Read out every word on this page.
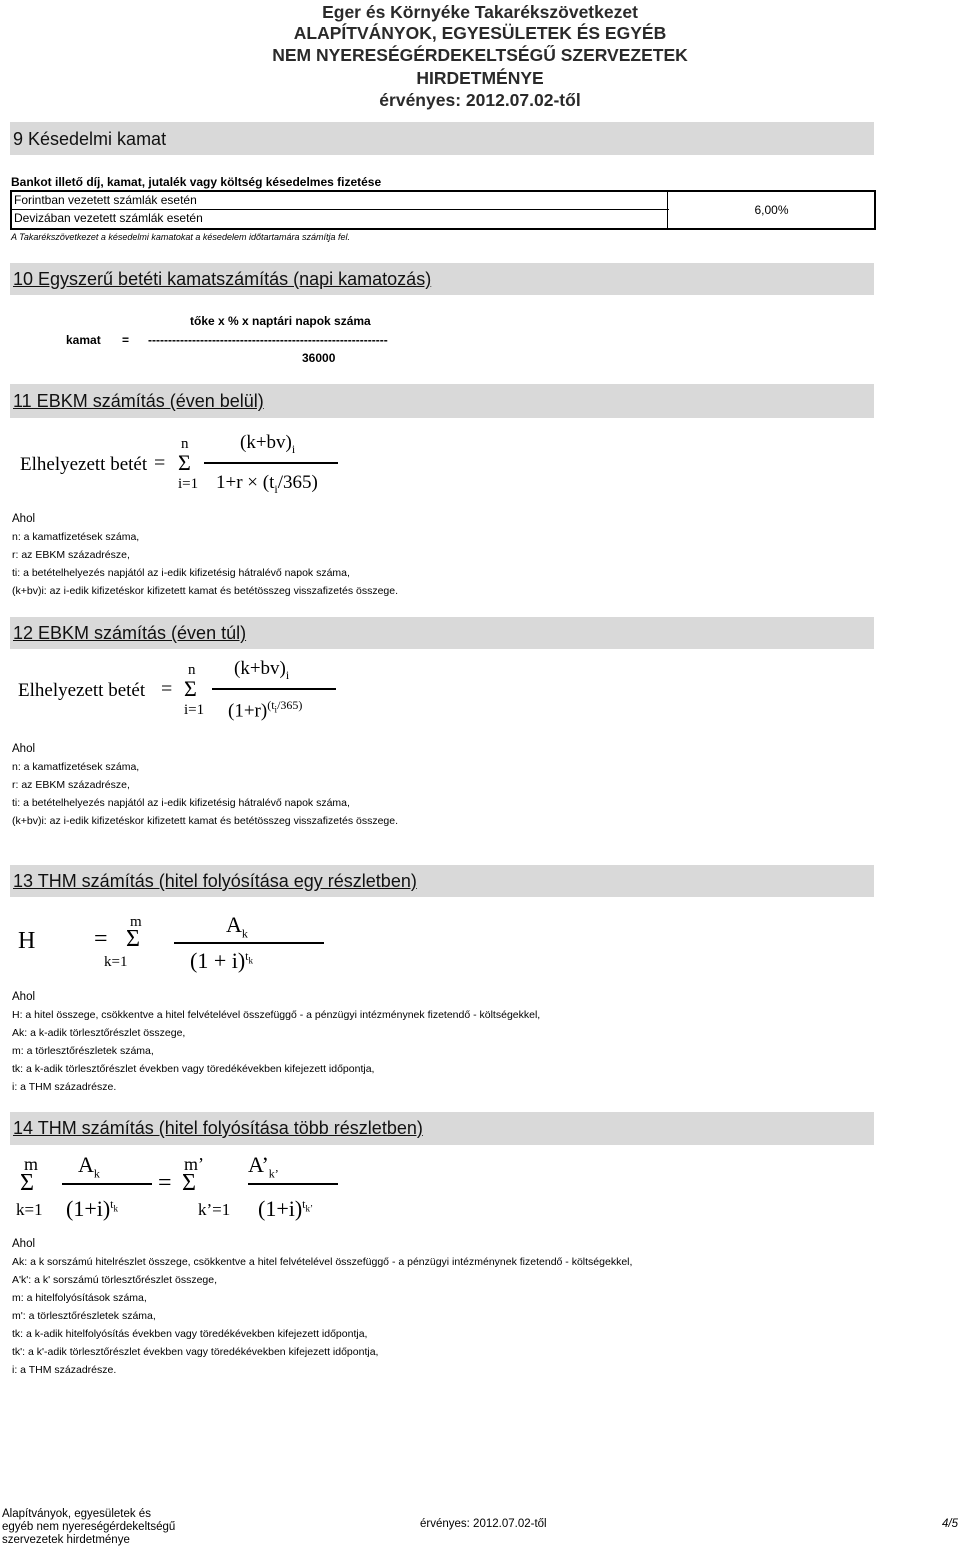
Eger és Környéke Takarékszövetkezet
ALAPÍTVÁNYOK, EGYESÜLETEK ÉS EGYÉB
NEM NYERESÉGÉRDEKELTSÉGŰ SZERVEZETEK
HIRDETMÉNYE
érvényes: 2012.07.02-től
9 Késedelmi kamat
Bankot illető díj, kamat, jutalék vagy költség késedelmes fizetése
Forintban vezetett számlák esetén
Devizában vezetett számlák esetén
6,00%
A Takarékszövetkezet a késedelmi kamatokat a késedelem időtartamára számítja fel.
10 Egyszerű betéti kamatszámítás (napi kamatozás)
tőke x % x naptári napok száma
kamat = ------------------------------------------------------------
36000
11 EBKM számítás (éven belül)
Elhelyezett betét =
n
Σ
i=1
$(k+bv)_i$
$1+r \times (t_i/365)$
Ahol
n: a kamatfizetések száma,
r: az EBKM századrésze,
ti: a betételhelyezés napjától az i-edik kifizetésig hátralévő napok száma,
(k+bv)i: az i-edik kifizetéskor kifizetett kamat és betétösszeg visszafizetés összege.
12 EBKM számítás (éven túl)
Elhelyezett betét =
n
Σ
i=1
$(k+bv)_i$
$(1+r)^{(t_i/365)}$
Ahol
n: a kamatfizetések száma,
r: az EBKM századrésze,
ti: a betételhelyezés napjától az i-edik kifizetésig hátralévő napok száma,
(k+bv)i: az i-edik kifizetéskor kifizetett kamat és betétösszeg visszafizetés összege.
13 THM számítás (hitel folyósítása egy részletben)
H =
m
Σ
k=1
$A_k$
$(1 + i)^{t_k}$
Ahol
H: a hitel összege, csökkentve a hitel felvételével összefüggő - a pénzügyi intézménynek fizetendő - költségekkel,
Ak: a k-adik törlesztőrészlet összege,
m: a törlesztőrészletek száma,
tk: a k-adik törlesztőrészlet években vagy töredékévekben kifejezett időpontja,
i: a THM századrésze.
14 THM számítás (hitel folyósítása több részletben)
m
Σ
k=1
$A_k$
$(1+i)^{t_k}$
=
m’
Σ
k’=1
$A’_{k’}$
$(1+i)^{t_{k’}}$
Ahol
Ak: a k sorszámú hitelrészlet összege, csökkentve a hitel felvételével összefüggő - a pénzügyi intézménynek fizetendő - költségekkel,
A'k': a k' sorszámú törlesztőrészlet összege,
m: a hitelfolyósítások száma,
m': a törlesztőrészletek száma,
tk: a k-adik hitelfolyósítás években vagy töredékévekben kifejezett időpontja,
tk': a k'-adik törlesztőrészlet években vagy töredékévekben kifejezett időpontja,
i: a THM századrésze.
Alapítványok, egyesületek és
egyéb nem nyereségérdekeltségű
szervezetek hirdetménye
érvényes: 2012.07.02-től	4/5
